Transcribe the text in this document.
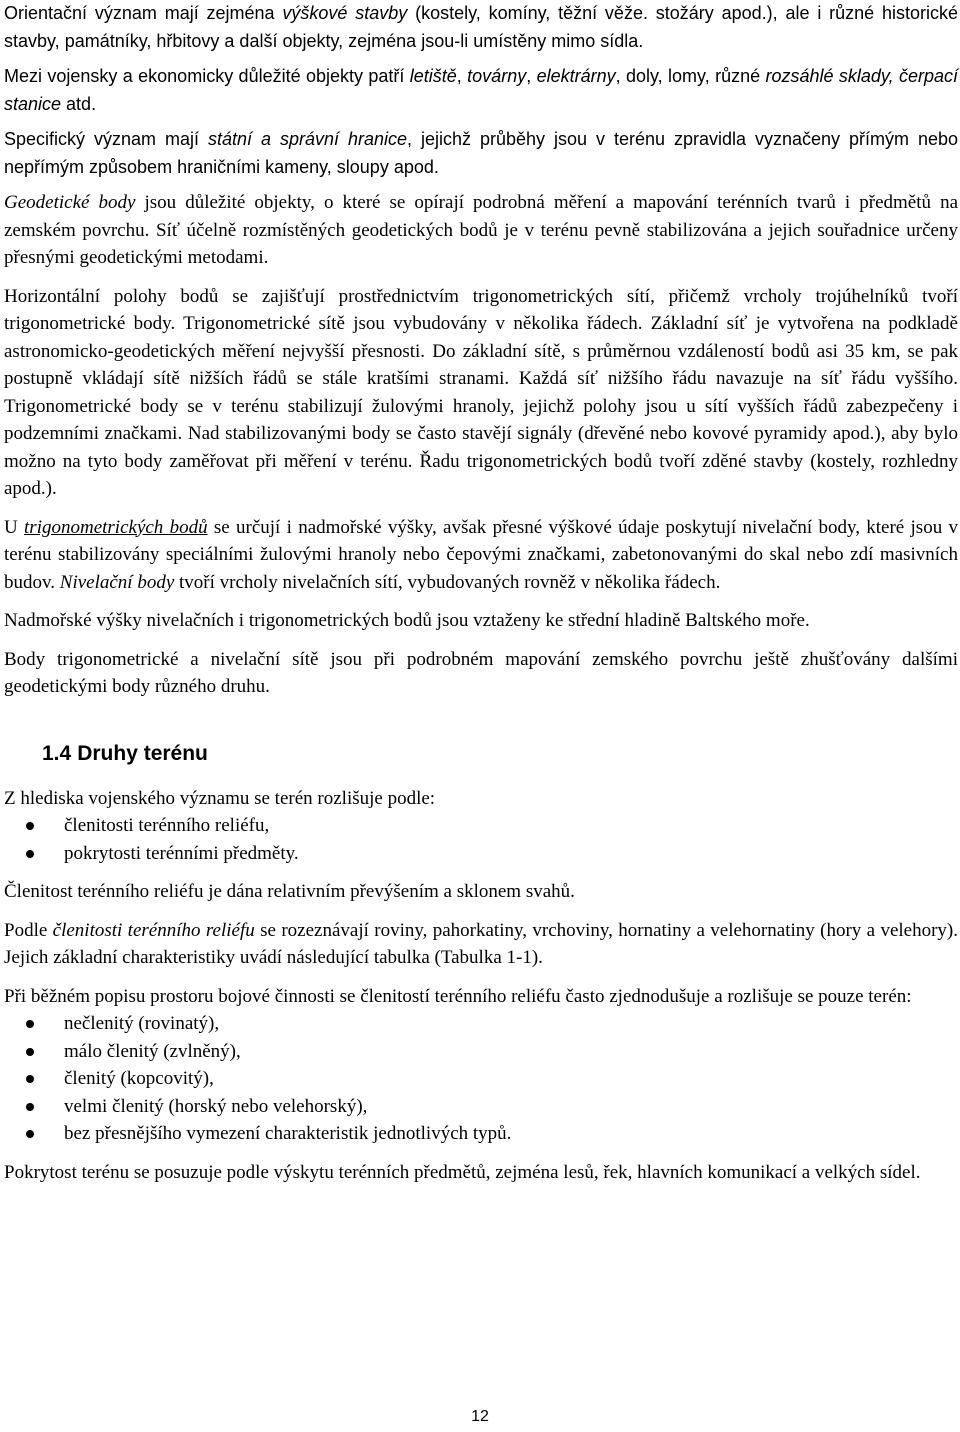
Orientační význam mají zejména výškové stavby (kostely, komíny, těžní věže. stožáry apod.), ale i různé historické stavby, památníky, hřbitovy a další objekty, zejména jsou-li umístěny mimo sídla.

Mezi vojensky a ekonomicky důležité objekty patří letiště, továrny, elektrárny, doly, lomy, různé rozsáhlé sklady, čerpací stanice atd.

Specifický význam mají státní a správní hranice, jejichž průběhy jsou v terénu zpravidla vyznačeny přímým nebo nepřímým způsobem hraničními kameny, sloupy apod.

Geodetické body jsou důležité objekty, o které se opírají podrobná měření a mapování terénních tvarů i předmětů na zemském povrchu. Síť účelně rozmístěných geodetických bodů je v terénu pevně stabilizována a jejich souřadnice určeny přesnými geodetickými metodami.

Horizontální polohy bodů se zajišťují prostřednictvím trigonometrických sítí, přičemž vrcholy trojúhelníků tvoří trigonometrické body. Trigonometrické sítě jsou vybudovány v několika řádech. Základní síť je vytvořena na podkladě astronomicko-geodetických měření nejvyšší přesnosti. Do základní sítě, s průměrnou vzdáleností bodů asi 35 km, se pak postupně vkládají sítě nižších řádů se stále kratšími stranami. Každá síť nižšího řádu navazuje na síť řádu vyššího. Trigonometrické body se v terénu stabilizují žulovými hranoly, jejichž polohy jsou u sítí vyšších řádů zabezpečeny i podzemními značkami. Nad stabilizovanými body se často stavějí signály (dřevěné nebo kovové pyramidy apod.), aby bylo možno na tyto body zaměřovat při měření v terénu. Řadu trigonometrických bodů tvoří zděné stavby (kostely, rozhledny apod.).

U trigonometrických bodů se určují i nadmořské výšky, avšak přesné výškové údaje poskytují nivelační body, které jsou v terénu stabilizovány speciálními žulovými hranoly nebo čepovými značkami, zabetonovanými do skal nebo zdí masivních budov. Nivelační body tvoří vrcholy nivelačních sítí, vybudovaných rovněž v několika řádech.

Nadmořské výšky nivelačních i trigonometrických bodů jsou vztaženy ke střední hladině Baltského moře.

Body trigonometrické a nivelační sítě jsou při podrobném mapování zemského povrchu ještě zhušťovány dalšími geodetickými body různého druhu.

1.4 Druhy terénu

Z hlediska vojenského významu se terén rozlišuje podle:

členitosti terénního reliéfu,
pokrytosti terénními předměty.

Členitost terénního reliéfu je dána relativním převýšením a sklonem svahů.

Podle členitosti terénního reliéfu se rozeznávají roviny, pahorkatiny, vrchoviny, hornatiny a velehornatiny (hory a velehory). Jejich základní charakteristiky uvádí následující tabulka (Tabulka 1-1).

Při běžném popisu prostoru bojové činnosti se členitostí terénního reliéfu často zjednodušuje a rozlišuje se pouze terén:

nečlenitý (rovinatý),
málo členitý (zvlněný),
členitý (kopcovitý),
velmi členitý (horský nebo velehorský),
bez přesnějšího vymezení charakteristik jednotlivých typů.

Pokrytost terénu se posuzuje podle výskytu terénních předmětů, zejména lesů, řek, hlavních komunikací a velkých sídel.

12
